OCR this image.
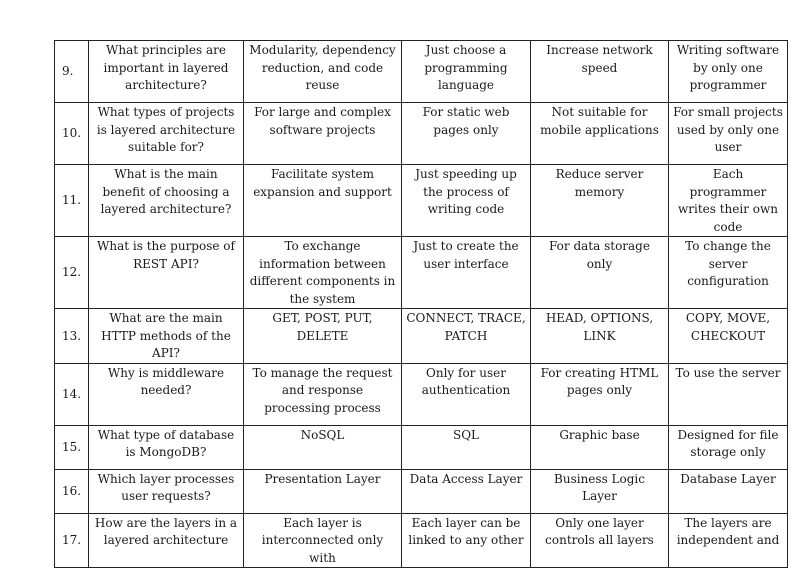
9.	What principles are important in layered architecture?	Modularity, dependency reduction, and code reuse	Just choose a programming language	Increase network speed	Writing software by only one programmer
10.	What types of projects is layered architecture suitable for?	For large and complex software projects	For static web pages only	Not suitable for mobile applications	For small projects used by only one user
11.	What is the main benefit of choosing a layered architecture?	Facilitate system expansion and support	Just speeding up the process of writing code	Reduce server memory	Each programmer writes their own code
12.	What is the purpose of REST API?	To exchange information between different components in the system	Just to create the user interface	For data storage only	To change the server configuration
13.	What are the main HTTP methods of the API?	GET, POST, PUT, DELETE	CONNECT, TRACE, PATCH	HEAD, OPTIONS, LINK	COPY, MOVE, CHECKOUT
14.	Why is middleware needed?	To manage the request and response processing process	Only for user authentication	For creating HTML pages only	To use the server
15.	What type of database is MongoDB?	NoSQL	SQL	Graphic base	Designed for file storage only
16.	Which layer processes user requests?	Presentation Layer	Data Access Layer	Business Logic Layer	Database Layer
17.	How are the layers in a layered architecture	Each layer is interconnected only with	Each layer can be linked to any other	Only one layer controls all layers	The layers are independent and
